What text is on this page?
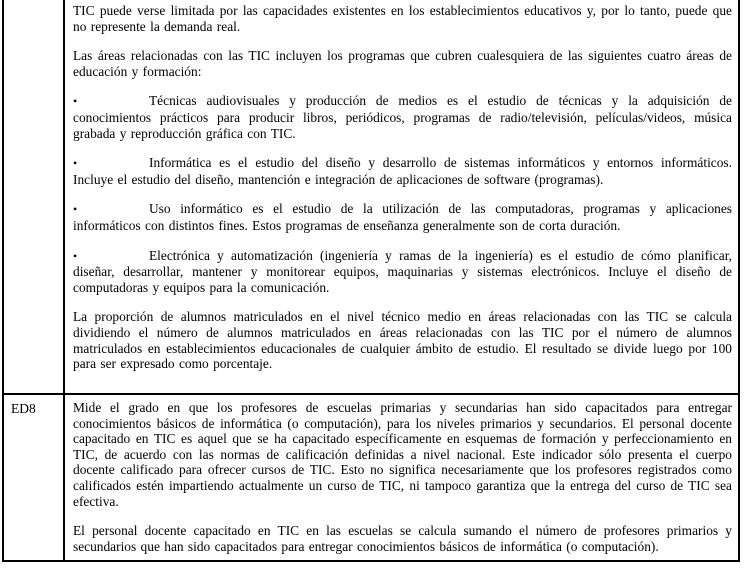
TIC puede verse limitada por las capacidades existentes en los establecimientos educativos y, por lo tanto, puede que no represente la demanda real.

Las áreas relacionadas con las TIC incluyen los programas que cubren cualesquiera de las siguientes cuatro áreas de educación y formación:

•	Técnicas audiovisuales y producción de medios es el estudio de técnicas y la adquisición de conocimientos prácticos para producir libros, periódicos, programas de radio/televisión, películas/videos, música grabada y reproducción gráfica con TIC.

•	Informática es el estudio del diseño y desarrollo de sistemas informáticos y entornos informáticos. Incluye el estudio del diseño, mantención e integración de aplicaciones de software (programas).

•	Uso informático es el estudio de la utilización de las computadoras, programas y aplicaciones informáticos con distintos fines. Estos programas de enseñanza generalmente son de corta duración.

•	Electrónica y automatización (ingeniería y ramas de la ingeniería) es el estudio de cómo planificar, diseñar, desarrollar, mantener y monitorear equipos, maquinarias y sistemas electrónicos. Incluye el diseño de computadoras y equipos para la comunicación.

La proporción de alumnos matriculados en el nivel técnico medio en áreas relacionadas con las TIC se calcula dividiendo el número de alumnos matriculados en áreas relacionadas con las TIC por el número de alumnos matriculados en establecimientos educacionales de cualquier ámbito de estudio. El resultado se divide luego por 100 para ser expresado como porcentaje.

ED8	Mide el grado en que los profesores de escuelas primarias y secundarias han sido capacitados para entregar conocimientos básicos de informática (o computación), para los niveles primarios y secundarios. El personal docente capacitado en TIC es aquel que se ha capacitado específicamente en esquemas de formación y perfeccionamiento en TIC, de acuerdo con las normas de calificación definidas a nivel nacional. Este indicador sólo presenta el cuerpo docente calificado para ofrecer cursos de TIC. Esto no significa necesariamente que los profesores registrados como calificados estén impartiendo actualmente un curso de TIC, ni tampoco garantiza que la entrega del curso de TIC sea efectiva.

El personal docente capacitado en TIC en las escuelas se calcula sumando el número de profesores primarios y secundarios que han sido capacitados para entregar conocimientos básicos de informática (o computación).
